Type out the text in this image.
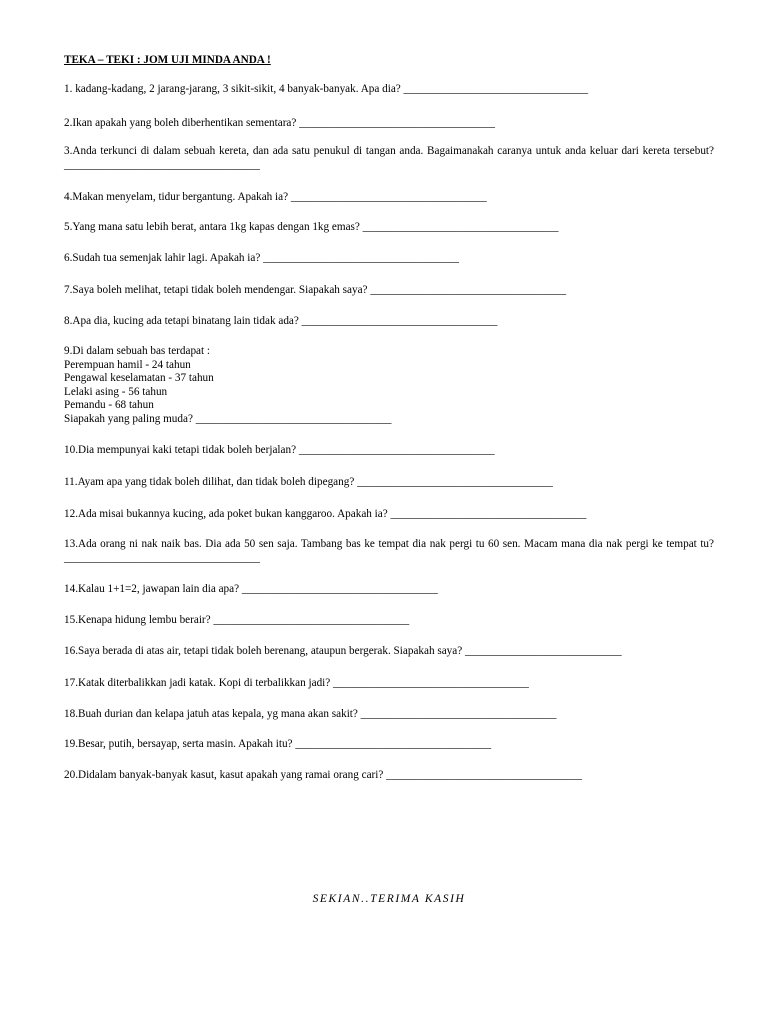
TEKA – TEKI : JOM UJI MINDA ANDA !
1. kadang-kadang, 2 jarang-jarang, 3 sikit-sikit, 4 banyak-banyak. Apa dia? _________________________________
2.Ikan apakah yang boleh diberhentikan sementara? ___________________________________
3.Anda terkunci di dalam sebuah kereta, dan ada satu penukul di tangan anda. Bagaimanakah caranya untuk anda keluar dari kereta tersebut? ___________________________________
4.Makan menyelam, tidur bergantung. Apakah ia? ___________________________________
5.Yang mana satu lebih berat, antara 1kg kapas dengan 1kg emas? ___________________________________
6.Sudah tua semenjak lahir lagi. Apakah ia? ___________________________________
7.Saya boleh melihat, tetapi tidak boleh mendengar. Siapakah saya? ___________________________________
8.Apa dia, kucing ada tetapi binatang lain tidak ada? ___________________________________

9.Di dalam sebuah bas terdapat :

Perempuan hamil - 24 tahun

Pengawal keselamatan - 37 tahun

Lelaki asing - 56 tahun

Pemandu - 68 tahun

Siapakah yang paling muda? ___________________________________

10.Dia mempunyai kaki tetapi tidak boleh berjalan? ___________________________________
11.Ayam apa yang tidak boleh dilihat, dan tidak boleh dipegang? ___________________________________
12.Ada misai bukannya kucing, ada poket bukan kanggaroo. Apakah ia? ___________________________________
13.Ada orang ni nak naik bas. Dia ada 50 sen saja. Tambang bas ke tempat dia nak pergi tu 60 sen. Macam mana dia nak pergi ke tempat tu? ___________________________________
14.Kalau 1+1=2, jawapan lain dia apa? ___________________________________
15.Kenapa hidung lembu berair? ___________________________________
16.Saya berada di atas air, tetapi tidak boleh berenang, ataupun bergerak. Siapakah saya? ____________________________
17.Katak diterbalikkan jadi katak. Kopi di terbalikkan jadi? ___________________________________
18.Buah durian dan kelapa jatuh atas kepala, yg mana akan sakit? ___________________________________
19.Besar, putih, bersayap, serta masin. Apakah itu? ___________________________________
20.Didalam banyak-banyak kasut, kasut apakah yang ramai orang cari? ___________________________________
SEKIAN..TERIMA KASIH
